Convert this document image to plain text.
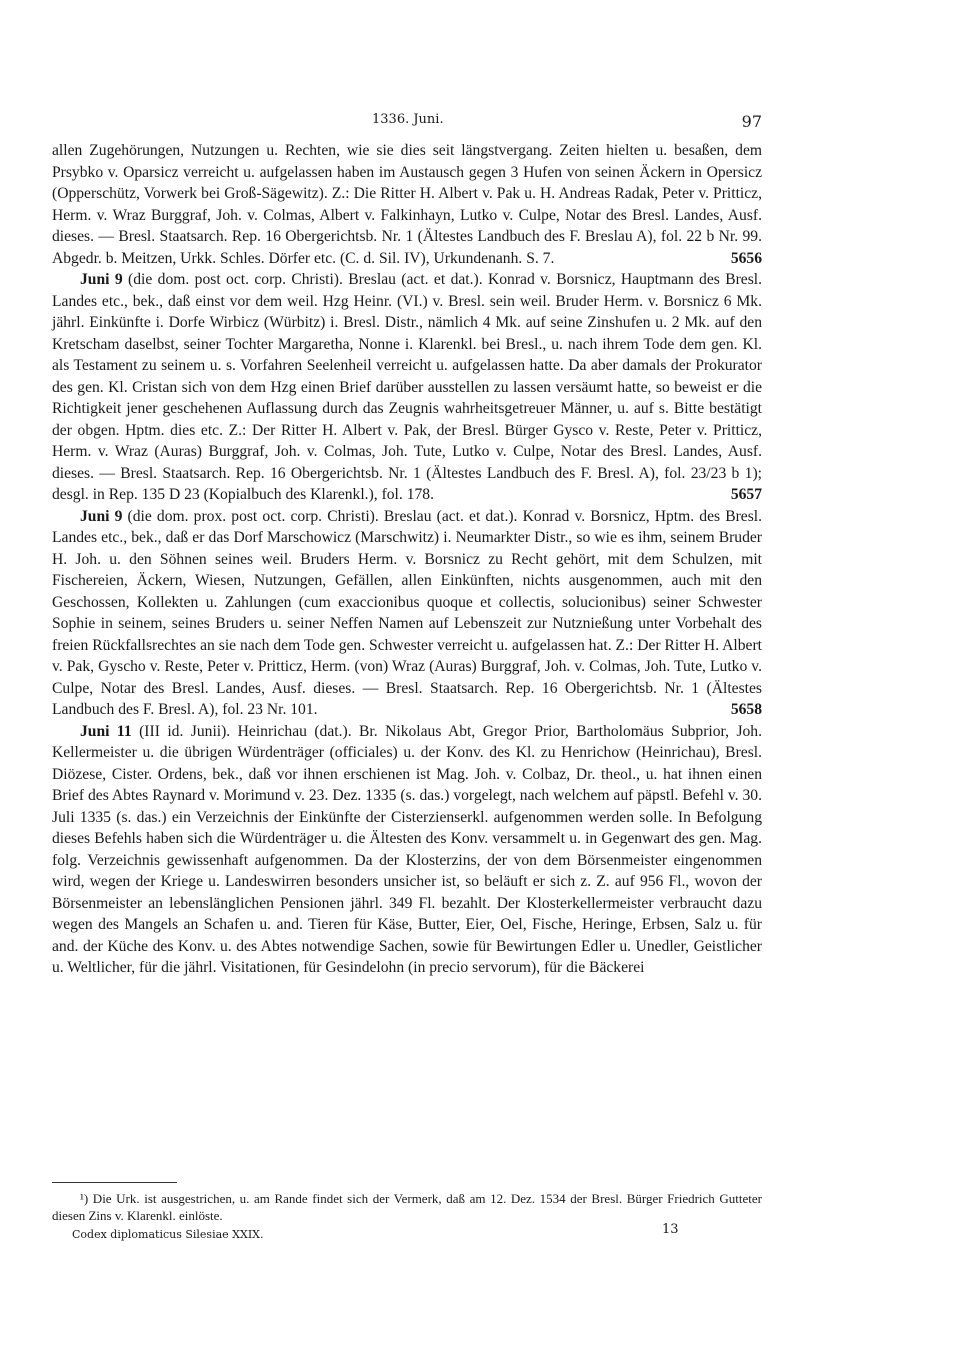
1336. Juni.	97

allen Zugehörungen, Nutzungen u. Rechten, wie sie dies seit längstvergang. Zeiten hielten u. besaßen, dem Prsybko v. Oparsicz verreicht u. aufgelassen haben im Austausch gegen 3 Hufen von seinen Äckern in Opersicz (Opperschütz, Vorwerk bei Groß-Sägewitz). Z.: Die Ritter H. Albert v. Pak u. H. Andreas Radak, Peter v. Pritticz, Herm. v. Wraz Burggraf, Joh. v. Colmas, Albert v. Falkinhayn, Lutko v. Culpe, Notar des Bresl. Landes, Ausf. dieses. — Bresl. Staatsarch. Rep. 16 Obergerichtsb. Nr. 1 (Ältestes Landbuch des F. Breslau A), fol. 22 b Nr. 99. Abgedr. b. Meitzen, Urkk. Schles. Dörfer etc. (C. d. Sil. IV), Urkundenanh. S. 7.	5656

Juni 9 (die dom. post oct. corp. Christi). Breslau (act. et dat.). Konrad v. Borsnicz, Hauptmann des Bresl. Landes etc., bek., daß einst vor dem weil. Hzg Heinr. (VI.) v. Bresl. sein weil. Bruder Herm. v. Borsnicz 6 Mk. jährl. Einkünfte i. Dorfe Wirbicz (Würbitz) i. Bresl. Distr., nämlich 4 Mk. auf seine Zinshufen u. 2 Mk. auf den Kretscham daselbst, seiner Tochter Margaretha, Nonne i. Klarenkl. bei Bresl., u. nach ihrem Tode dem gen. Kl. als Testament zu seinem u. s. Vorfahren Seelenheil verreicht u. aufgelassen hatte. Da aber damals der Prokurator des gen. Kl. Cristan sich von dem Hzg einen Brief darüber ausstellen zu lassen versäumt hatte, so beweist er die Richtigkeit jener geschehenen Auflassung durch das Zeugnis wahrheitsgetreuer Männer, u. auf s. Bitte bestätigt der obgen. Hptm. dies etc. Z.: Der Ritter H. Albert v. Pak, der Bresl. Bürger Gysco v. Reste, Peter v. Pritticz, Herm. v. Wraz (Auras) Burggraf, Joh. v. Colmas, Joh. Tute, Lutko v. Culpe, Notar des Bresl. Landes, Ausf. dieses. — Bresl. Staatsarch. Rep. 16 Obergerichtsb. Nr. 1 (Ältestes Landbuch des F. Bresl. A), fol. 23/23 b 1); desgl. in Rep. 135 D 23 (Kopialbuch des Klarenkl.), fol. 178.	5657

Juni 9 (die dom. prox. post oct. corp. Christi). Breslau (act. et dat.). Konrad v. Borsnicz, Hptm. des Bresl. Landes etc., bek., daß er das Dorf Marschowicz (Marschwitz) i. Neumarkter Distr., so wie es ihm, seinem Bruder H. Joh. u. den Söhnen seines weil. Bruders Herm. v. Borsnicz zu Recht gehört, mit dem Schulzen, mit Fischereien, Äckern, Wiesen, Nutzungen, Gefällen, allen Einkünften, nichts ausgenommen, auch mit den Geschossen, Kollekten u. Zahlungen (cum exaccionibus quoque et collectis, solucionibus) seiner Schwester Sophie in seinem, seines Bruders u. seiner Neffen Namen auf Lebenszeit zur Nutznießung unter Vorbehalt des freien Rückfallsrechtes an sie nach dem Tode gen. Schwester verreicht u. aufgelassen hat. Z.: Der Ritter H. Albert v. Pak, Gyscho v. Reste, Peter v. Pritticz, Herm. (von) Wraz (Auras) Burggraf, Joh. v. Colmas, Joh. Tute, Lutko v. Culpe, Notar des Bresl. Landes, Ausf. dieses. — Bresl. Staatsarch. Rep. 16 Obergerichtsb. Nr. 1 (Ältestes Landbuch des F. Bresl. A), fol. 23 Nr. 101.	5658

Juni 11 (III id. Junii). Heinrichau (dat.). Br. Nikolaus Abt, Gregor Prior, Bartholomäus Subprior, Joh. Kellermeister u. die übrigen Würdenträger (officiales) u. der Konv. des Kl. zu Henrichow (Heinrichau), Bresl. Diözese, Cister. Ordens, bek., daß vor ihnen erschienen ist Mag. Joh. v. Colbaz, Dr. theol., u. hat ihnen einen Brief des Abtes Raynard v. Morimund v. 23. Dez. 1335 (s. das.) vorgelegt, nach welchem auf päpstl. Befehl v. 30. Juli 1335 (s. das.) ein Verzeichnis der Einkünfte der Cisterzienserkl. aufgenommen werden solle. In Befolgung dieses Befehls haben sich die Würdenträger u. die Ältesten des Konv. versammelt u. in Gegenwart des gen. Mag. folg. Verzeichnis gewissenhaft aufgenommen. Da der Klosterzins, der von dem Börsenmeister eingenommen wird, wegen der Kriege u. Landeswirren besonders unsicher ist, so beläuft er sich z. Z. auf 956 Fl., wovon der Börsenmeister an lebenslänglichen Pensionen jährl. 349 Fl. bezahlt. Der Klosterkellermeister verbraucht dazu wegen des Mangels an Schafen u. and. Tieren für Käse, Butter, Eier, Oel, Fische, Heringe, Erbsen, Salz u. für and. der Küche des Konv. u. des Abtes notwendige Sachen, sowie für Bewirtungen Edler u. Unedler, Geistlicher u. Weltlicher, für die jährl. Visitationen, für Gesindelohn (in precio servorum), für die Bäckerei

¹) Die Urk. ist ausgestrichen, u. am Rande findet sich der Vermerk, daß am 12. Dez. 1534 der Bresl. Bürger Friedrich Gutteter diesen Zins v. Klarenkl. einlöste.

Codex diplomaticus Silesiae XXIX.	13
